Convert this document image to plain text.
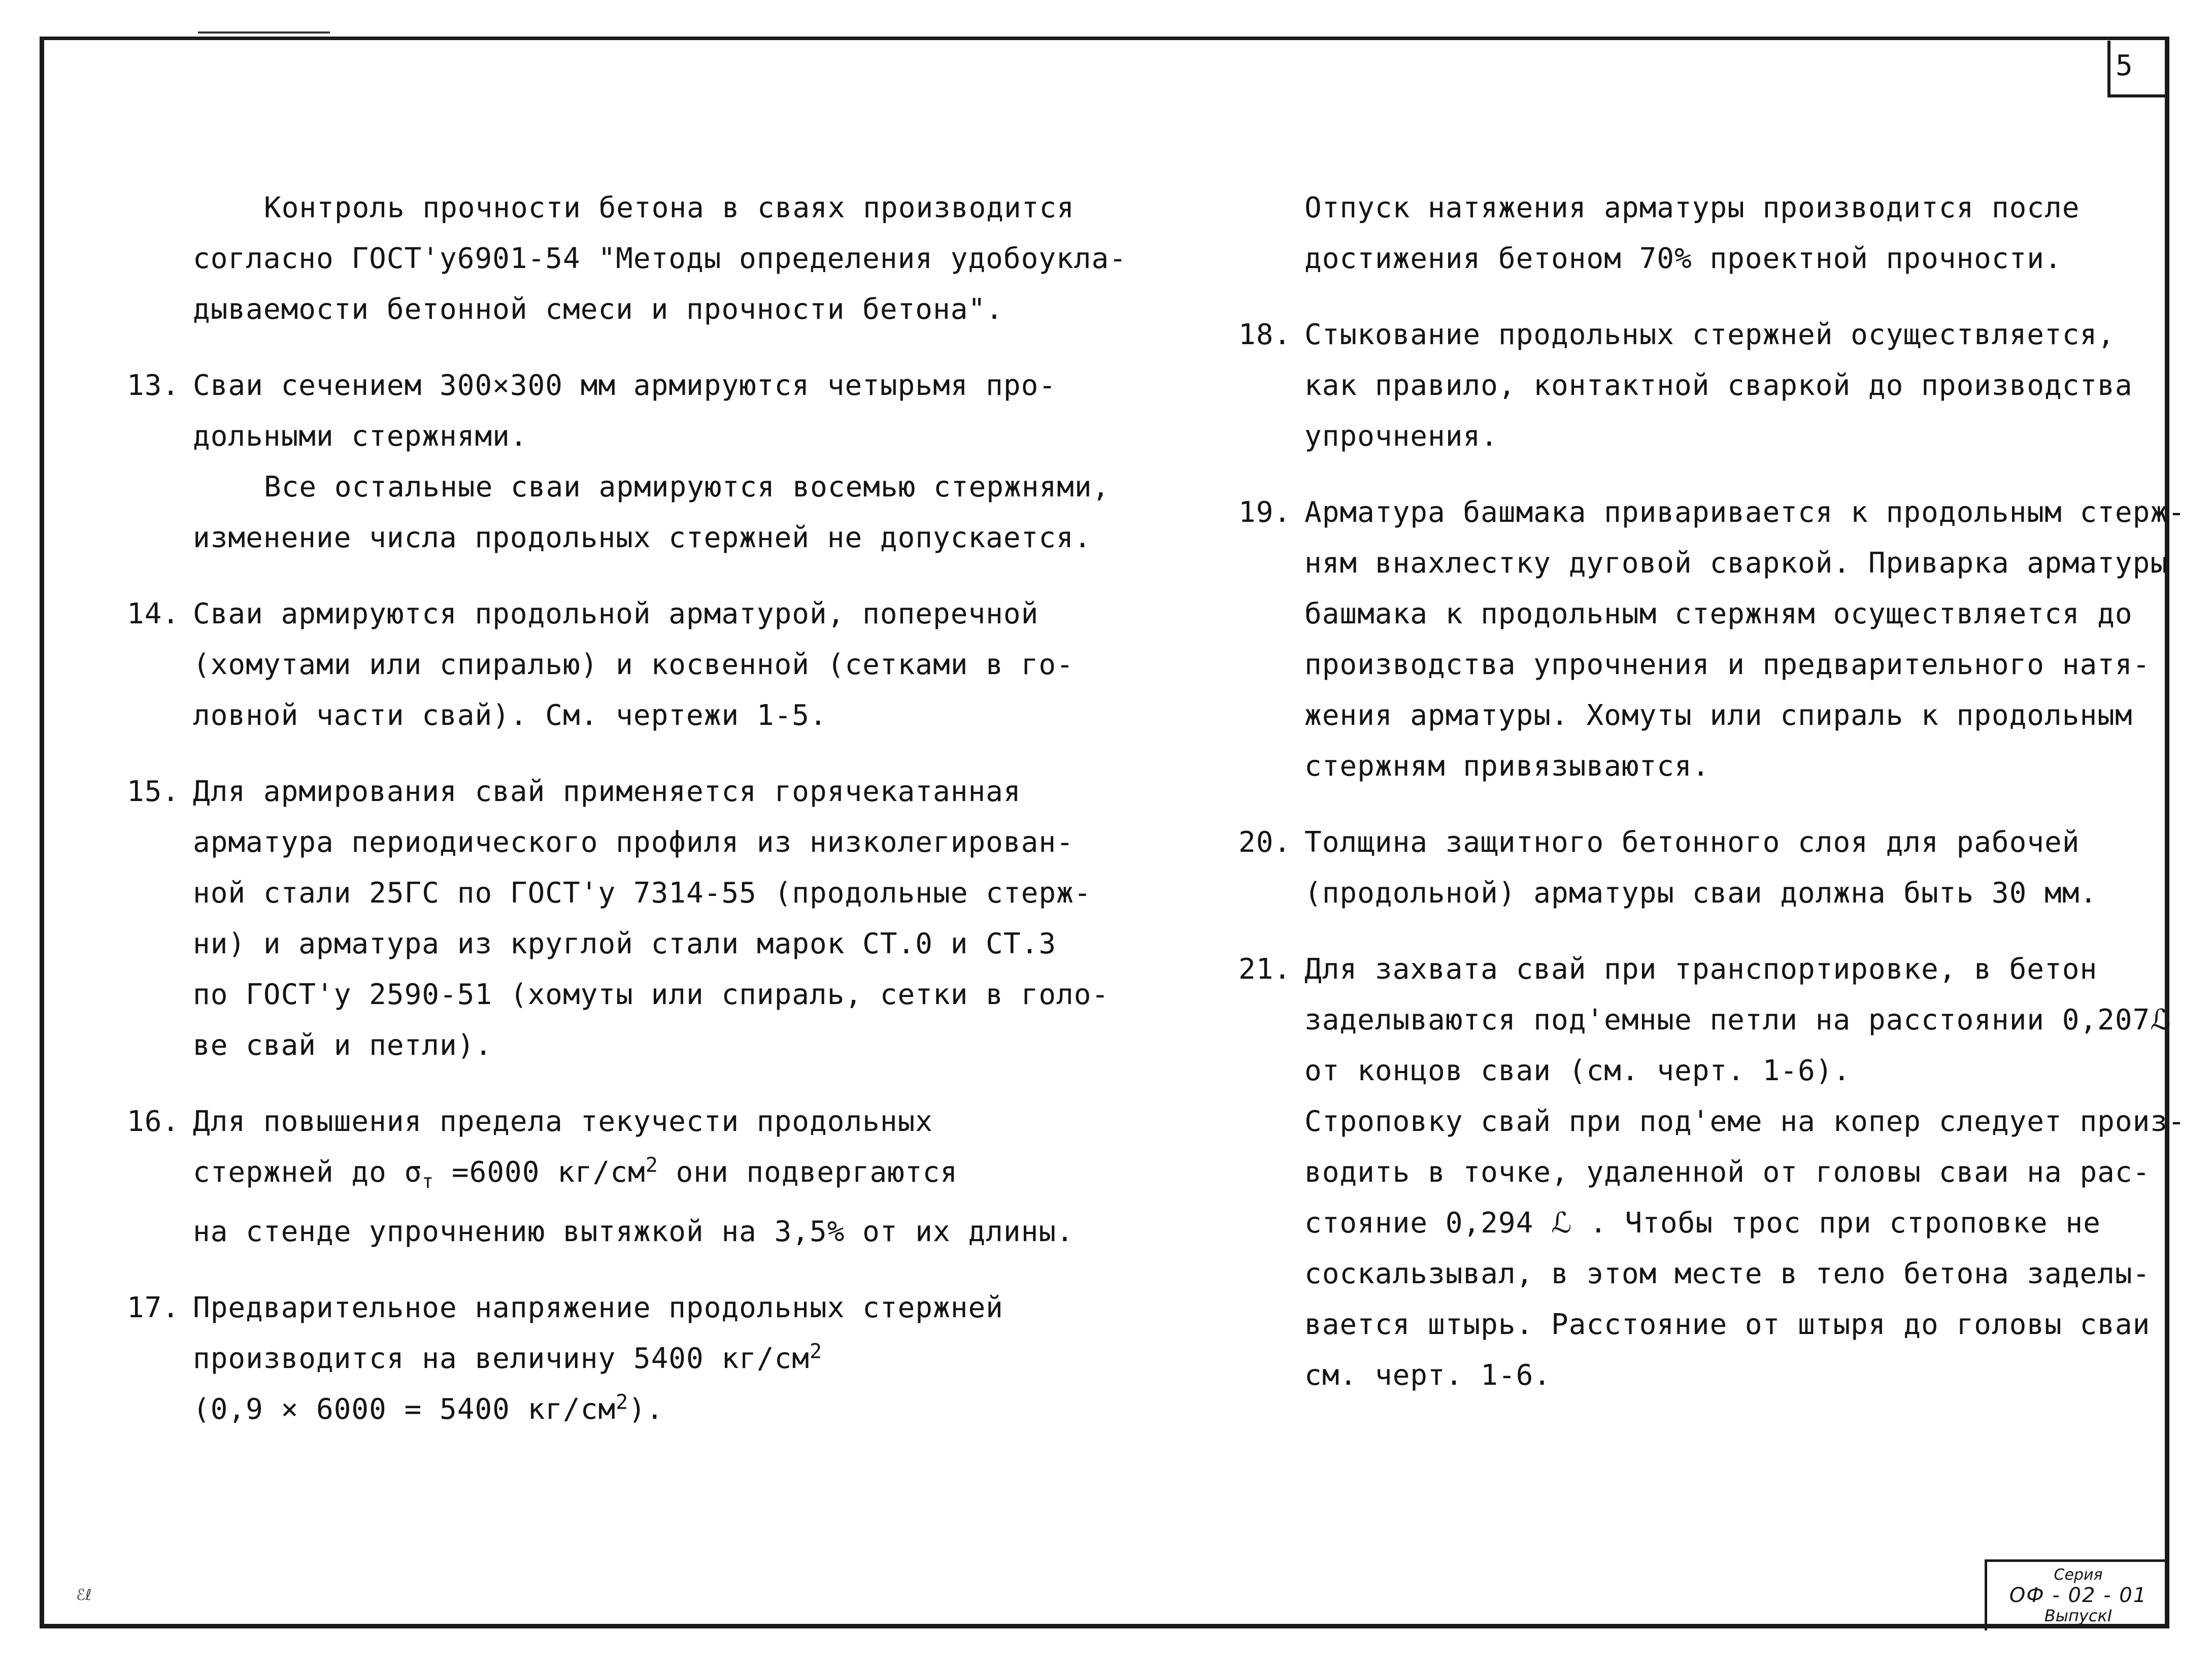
5

Контроль прочности бетона в сваях производится

согласно ГОСТ'у6901-54 "Методы определения удобоукла-
дываемости бетонной смеси и прочности бетона".
13. Сваи сечением 300×300 мм армируются четырьмя про-
дольными стержнями.
Все остальные сваи армируются восемью стержнями,
изменение числа продольных стержней не допускается.
14. Сваи армируются продольной арматурой, поперечной
(хомутами или спиралью) и косвенной (сетками в го-
ловной части свай). См. чертежи 1-5.
15. Для армирования свай применяется горячекатанная
арматура периодического профиля из низколегирован-
ной стали 25ГС по ГОСТ'у 7314-55 (продольные стерж-
ни) и арматура из круглой стали марок СТ.0 и СТ.3
по ГОСТ'у 2590-51 (хомуты или спираль, сетки в голо-
ве свай и петли).
16. Для повышения предела текучести продольных
стержней до $\sigma_т =6000$ $кг/см^2$ они подвергаются
на стенде упрочнению вытяжкой на 3,5% от их длины.
17. Предварительное напряжение продольных стержней
производится на величину 5400 $кг/см^2$
(0,9 × 6000 = 5400 $кг/см^2$).
Отпуск натяжения арматуры производится после
достижения бетоном 70% проектной прочности.
18. Стыкование продольных стержней осуществляется,
как правило, контактной сваркой до производства
упрочнения.
19. Арматура башмака приваривается к продольным стерж-
ням внахлестку дуговой сваркой. Приварка арматуры
башмака к продольным стержням осуществляется до
производства упрочнения и предварительного натя-
жения арматуры. Хомуты или спираль к продольным
стержням привязываются.
20. Толщина защитного бетонного слоя для рабочей
(продольной) арматуры сваи должна быть 30 мм.
21. Для захвата свай при транспортировке, в бетон
заделываются под'емные петли на расстоянии 0,207ℒ
от концов сваи (см. черт. 1-6).
Строповку свай при под'еме на копер следует произ-
водить в точке, удаленной от головы сваи на рас-
стояние 0,294 ℒ . Чтобы трос при строповке не
соскальзывал, в этом месте в тело бетона заделы-
вается штырь. Расстояние от штыря до головы сваи
см. черт. 1-6.
Серия
ОФ - 02 - 01
ВыпускI
ℰℓ
